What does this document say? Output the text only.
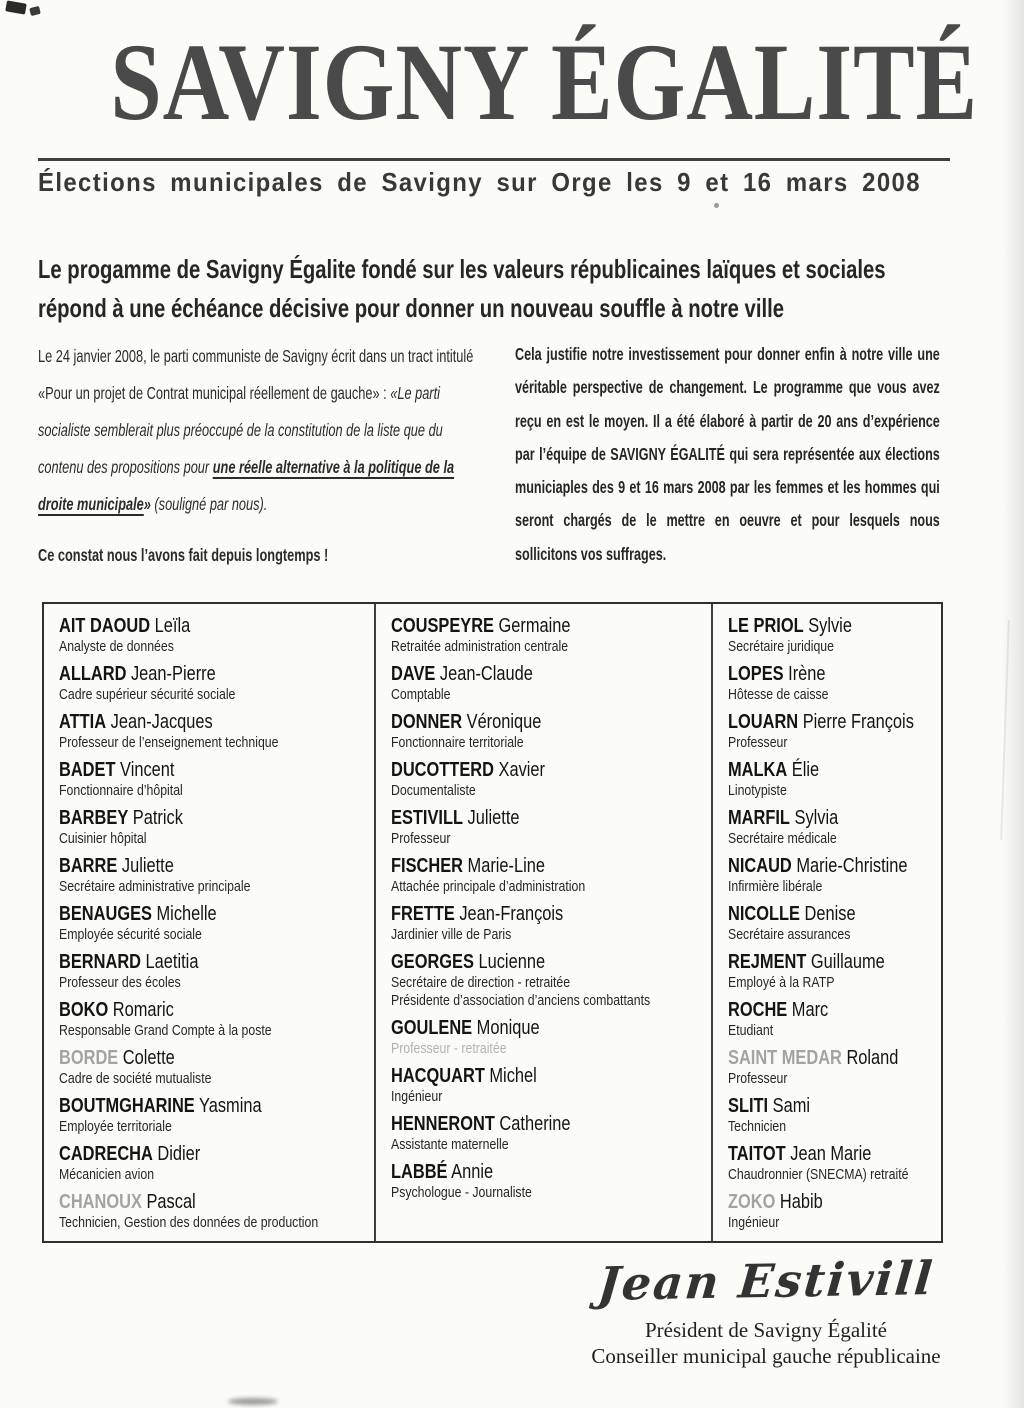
SAVIGNY ÉGALITÉ
Élections municipales de Savigny sur Orge les 9 et 16 mars 2008
Le progamme de Savigny Égalite fondé sur les valeurs républicaines laïques et sociales répond à une échéance décisive pour donner un nouveau souffle à notre ville

Le 24 janvier 2008, le parti communiste de Savigny écrit dans un tract intitulé «Pour un projet de Contrat municipal réellement de gauche» : «Le parti socialiste semblerait plus préoccupé de la constitution de la liste que du contenu des propositions pour une réelle alternative à la politique de la droite municipale» (souligné par nous).

Ce constat nous l’avons fait depuis longtemps !

Cela justifie notre investissement pour donner enfin à notre ville une véritable perspective de changement. Le programme que vous avez reçu en est le moyen. Il a été élaboré à partir de 20 ans d’expérience par l’équipe de SAVIGNY ÉGALITÉ qui sera représentée aux élections municiaples des 9 et 16 mars 2008 par les femmes et les hommes qui seront chargés de le mettre en oeuvre et pour lesquels nous sollicitons vos suffrages.
AIT DAOUD Leïla
Analyste de données
ALLARD Jean-Pierre
Cadre supérieur sécurité sociale
ATTIA Jean-Jacques
Professeur de l’enseignement technique
BADET Vincent
Fonctionnaire d’hôpital
BARBEY Patrick
Cuisinier hôpital
BARRE Juliette
Secrétaire administrative principale
BENAUGES Michelle
Employée sécurité sociale
BERNARD Laetitia
Professeur des écoles
BOKO Romaric
Responsable Grand Compte à la poste
BORDE Colette
Cadre de société mutualiste
BOUTMGHARINE Yasmina
Employée territoriale
CADRECHA Didier
Mécanicien avion
CHANOUX Pascal
Technicien, Gestion des données de production
COUSPEYRE Germaine
Retraitée administration centrale
DAVE Jean-Claude
Comptable
DONNER Véronique
Fonctionnaire territoriale
DUCOTTERD Xavier
Documentaliste
ESTIVILL Juliette
Professeur
FISCHER Marie-Line
Attachée principale d’administration
FRETTE Jean-François
Jardinier ville de Paris
GEORGES Lucienne
Secrétaire de direction - retraitée
Présidente d’association d’anciens combattants
GOULENE Monique
Professeur - retraitée
HACQUART Michel
Ingénieur
HENNERONT Catherine
Assistante maternelle
LABBÉ Annie
Psychologue - Journaliste
LE PRIOL Sylvie
Secrétaire juridique
LOPES Irène
Hôtesse de caisse
LOUARN Pierre François
Professeur
MALKA Élie
Linotypiste
MARFIL Sylvia
Secrétaire médicale
NICAUD Marie-Christine
Infirmière libérale
NICOLLE Denise
Secrétaire assurances
REJMENT Guillaume
Employé à la RATP
ROCHE Marc
Etudiant
SAINT MEDAR Roland
Professeur
SLITI Sami
Technicien
TAITOT Jean Marie
Chaudronnier (SNECMA) retraité
ZOKO Habib
Ingénieur
Jean Estivill
Président de Savigny Égalité
Conseiller municipal gauche républicaine
